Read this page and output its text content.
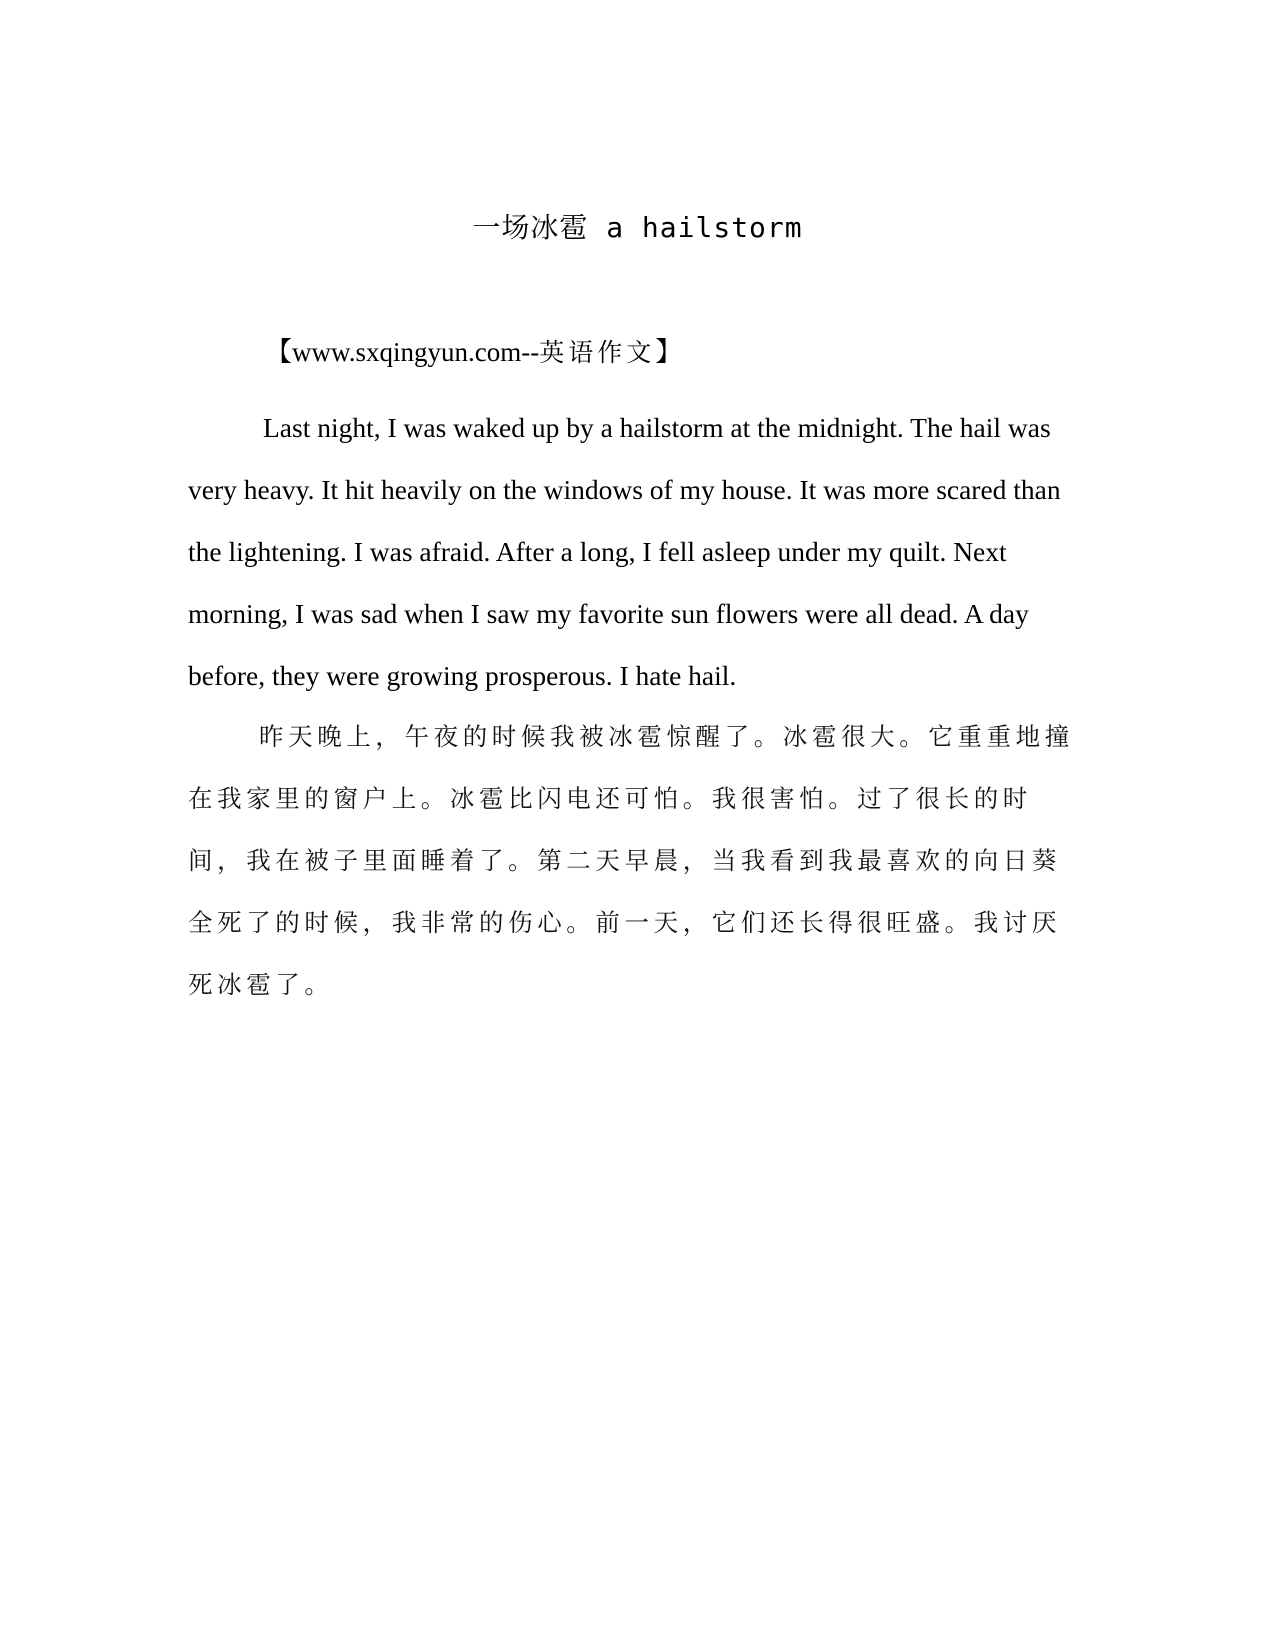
一场冰雹 a hailstorm
【www.sxqingyun.com--英语作文】

Last night, I was waked up by a hailstorm at the midnight. The hail was very heavy. It hit heavily on the windows of my house. It was more scared than the lightening. I was afraid. After a long, I fell asleep under my quilt. Next morning, I was sad when I saw my favorite sun flowers were all dead. A day before, they were growing prosperous. I hate hail.

昨天晚上，午夜的时候我被冰雹惊醒了。冰雹很大。它重重地撞在我家里的窗户上。冰雹比闪电还可怕。我很害怕。过了很长的时间，我在被子里面睡着了。第二天早晨，当我看到我最喜欢的向日葵全死了的时候，我非常的伤心。前一天，它们还长得很旺盛。我讨厌死冰雹了。
